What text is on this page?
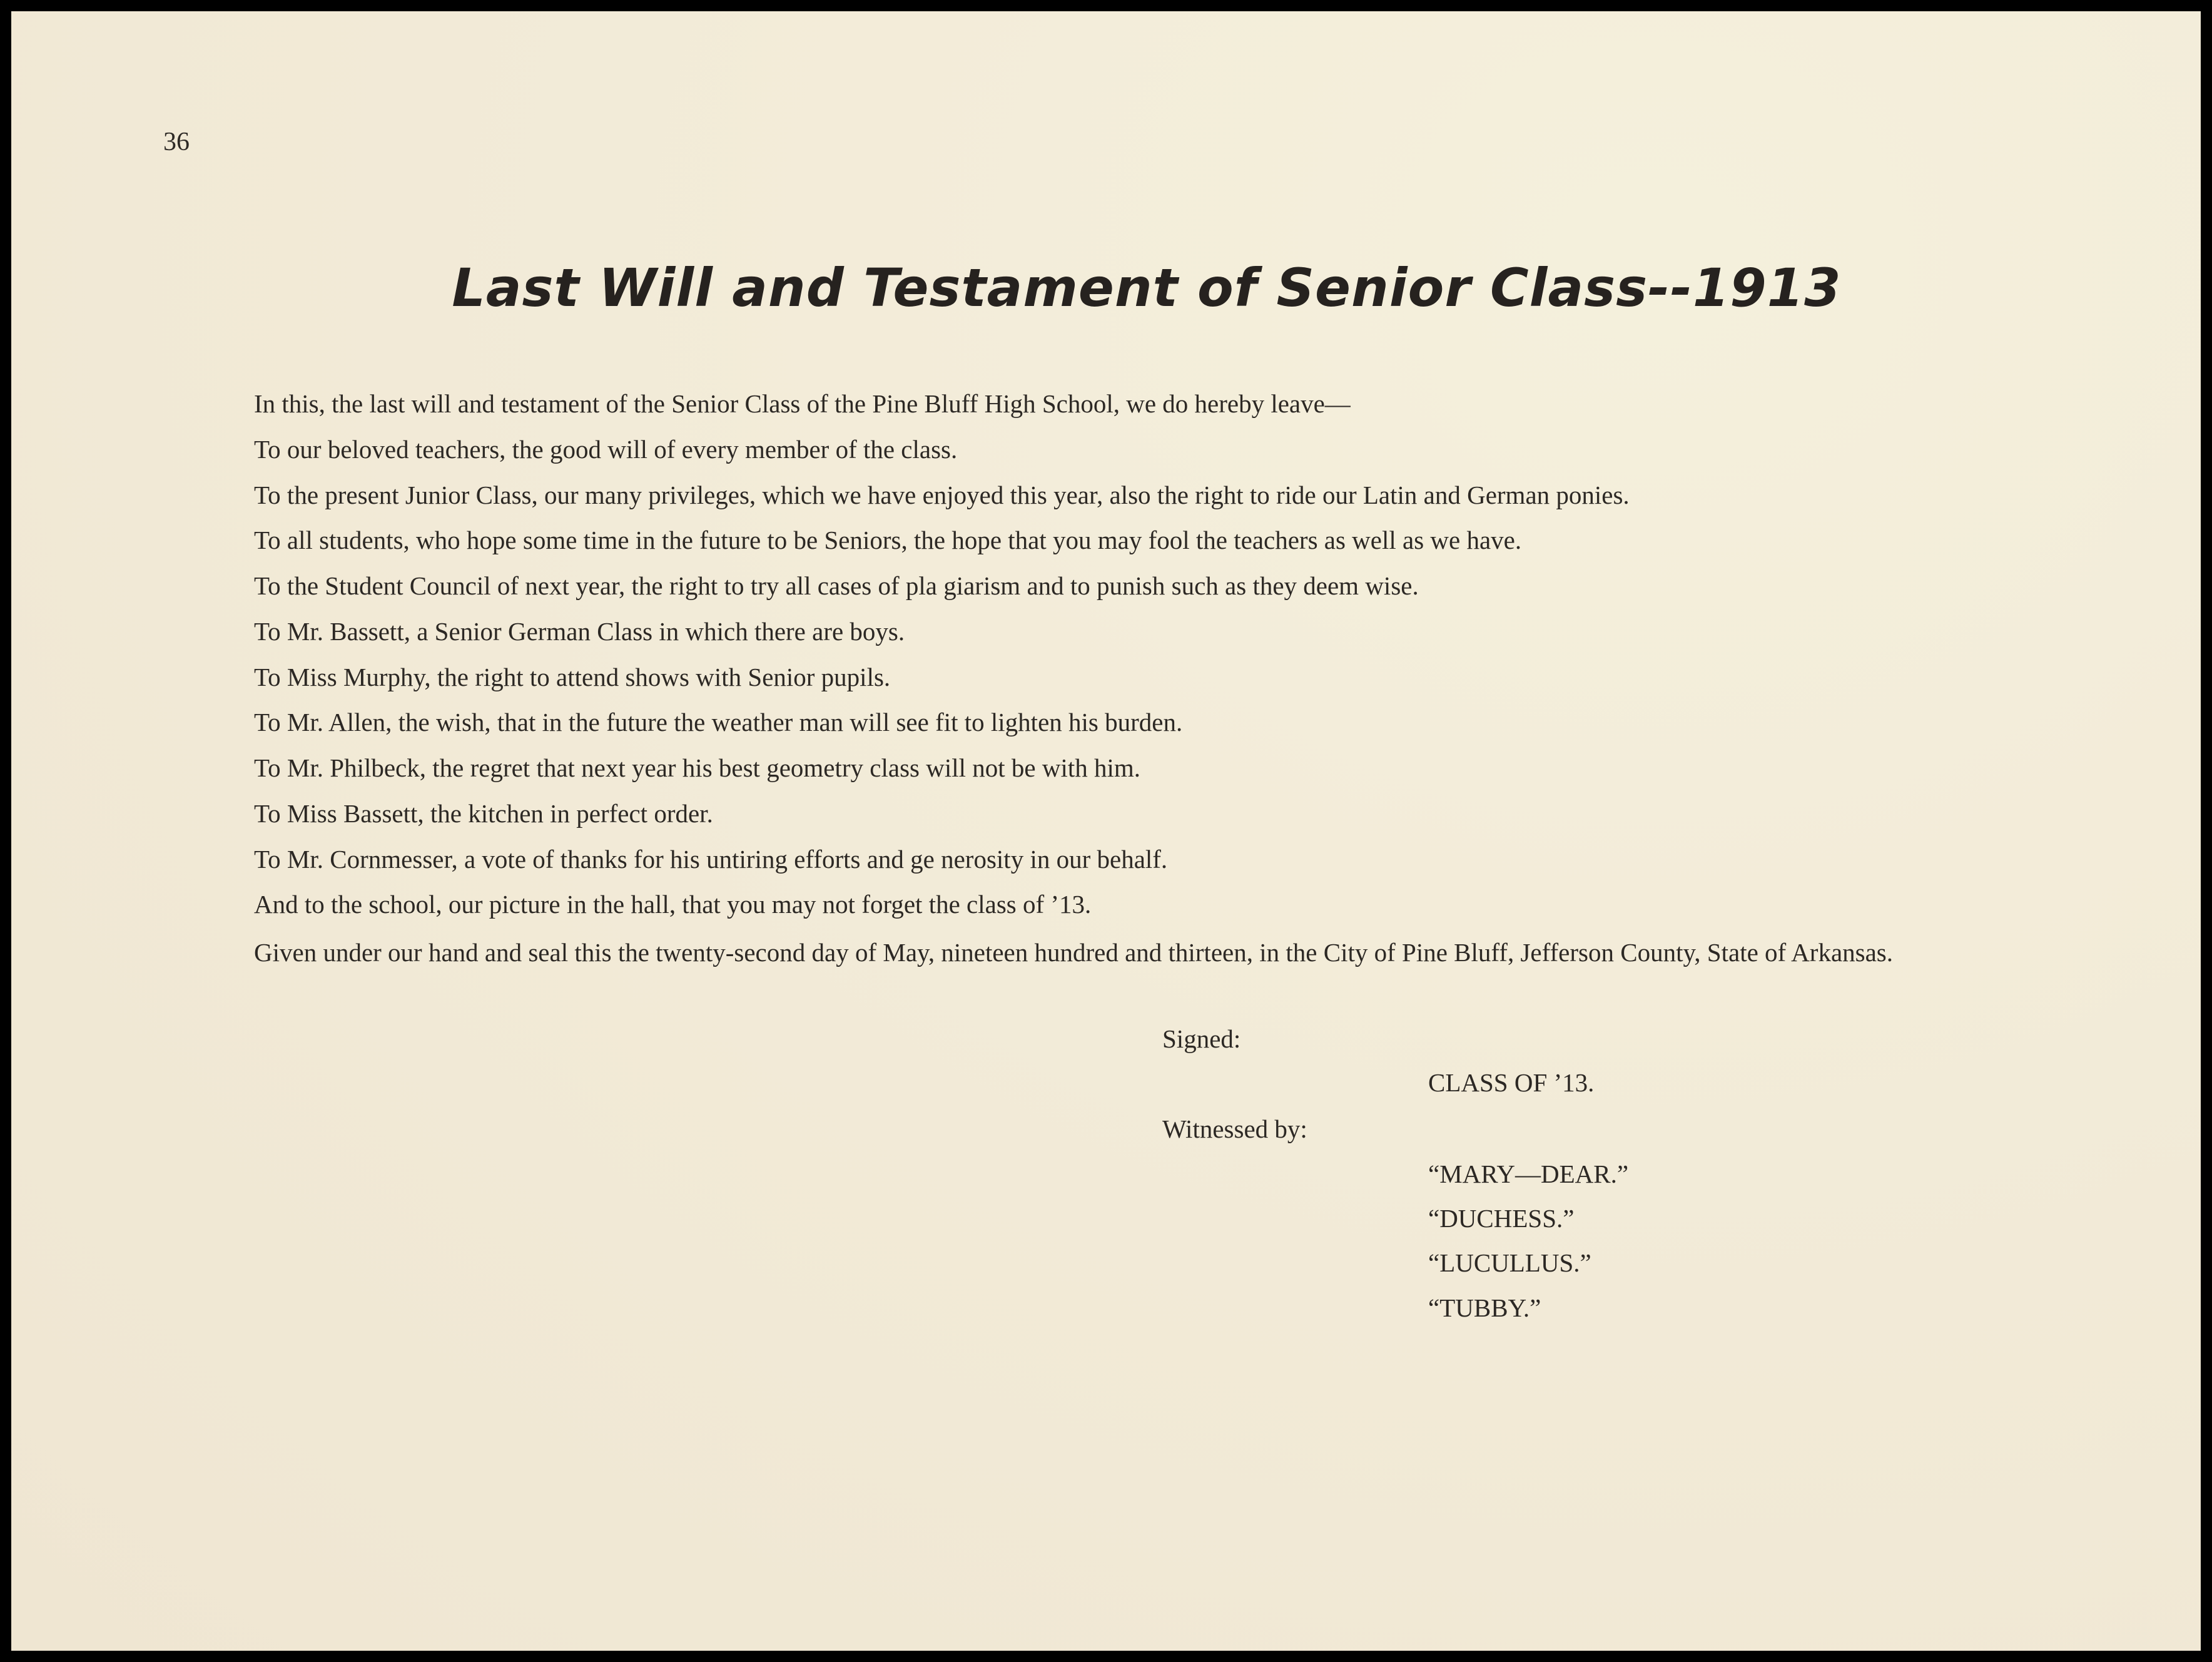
36
Last Will and Testament of Senior Class--1913
In this, the last will and testament of the Senior Class of the Pine Bluff High School, we do hereby leave—
To our beloved teachers, the good will of every member of the class.
To the present Junior Class, our many privileges, which we have enjoyed this year, also the right to ride our Latin and German ponies.
To all students, who hope some time in the future to be Seniors, the hope that you may fool the teachers as well as we have.
To the Student Council of next year, the right to try all cases of pla giarism and to punish such as they deem wise.
To Mr. Bassett, a Senior German Class in which there are boys.
To Miss Murphy, the right to attend shows with Senior pupils.
To Mr. Allen, the wish, that in the future the weather man will see fit to lighten his burden.
To Mr. Philbeck, the regret that next year his best geometry class will not be with him.
To Miss Bassett, the kitchen in perfect order.
To Mr. Cornmesser, a vote of thanks for his untiring efforts and ge nerosity in our behalf.
And to the school, our picture in the hall, that you may not forget the class of ’13.
Given under our hand and seal this the twenty-second day of May, nineteen hundred and thirteen, in the City of Pine Bluff, Jefferson County, State of Arkansas.
Signed:
CLASS OF ’13.
Witnessed by:
“MARY—DEAR.”
“DUCHESS.”
“LUCULLUS.”
“TUBBY.”
